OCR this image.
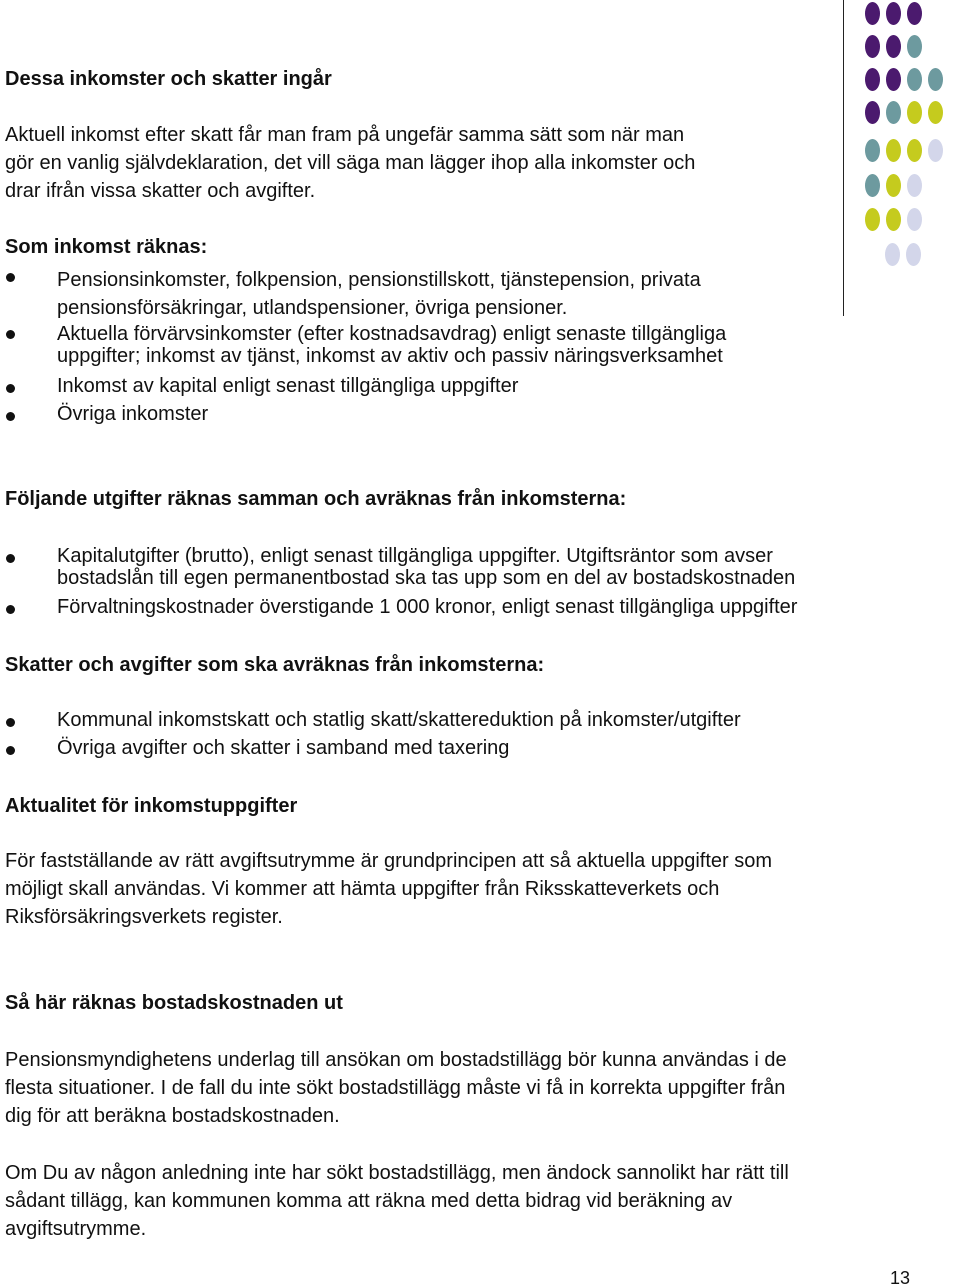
Dessa inkomster och skatter ingår
Aktuell inkomst efter skatt får man fram på ungefär samma sätt som när man
gör en vanlig självdeklaration, det vill säga man lägger ihop alla inkomster och
drar ifrån vissa skatter och avgifter.
Som inkomst räknas:
Pensionsinkomster, folkpension, pensionstillskott, tjänstepension, privata
pensionsförsäkringar, utlandspensioner, övriga pensioner.
Aktuella förvärvsinkomster (efter kostnadsavdrag) enligt senaste tillgängliga
uppgifter; inkomst av tjänst, inkomst av aktiv och passiv näringsverksamhet
Inkomst av kapital enligt senast tillgängliga uppgifter
Övriga inkomster
Följande utgifter räknas samman och avräknas från inkomsterna:
Kapitalutgifter (brutto), enligt senast tillgängliga uppgifter. Utgiftsräntor som avser
bostadslån till egen permanentbostad ska tas upp som en del av bostadskostnaden
Förvaltningskostnader överstigande 1 000 kronor, enligt senast tillgängliga uppgifter
Skatter och avgifter som ska avräknas från inkomsterna:
Kommunal inkomstskatt och statlig skatt/skattereduktion på inkomster/utgifter
Övriga avgifter och skatter i samband med taxering
Aktualitet för inkomstuppgifter
För fastställande av rätt avgiftsutrymme är grundprincipen att så aktuella uppgifter som
möjligt skall användas. Vi kommer att hämta uppgifter från Riksskatteverkets och
Riksförsäkringsverkets register.
Så här räknas bostadskostnaden ut
Pensionsmyndighetens underlag till ansökan om bostadstillägg bör kunna användas i de
flesta situationer. I de fall du inte sökt bostadstillägg måste vi få in korrekta uppgifter från
dig för att beräkna bostadskostnaden.
Om Du av någon anledning inte har sökt bostadstillägg, men ändock sannolikt har rätt till
sådant tillägg, kan kommunen komma att räkna med detta bidrag vid beräkning av
avgiftsutrymme.
13
